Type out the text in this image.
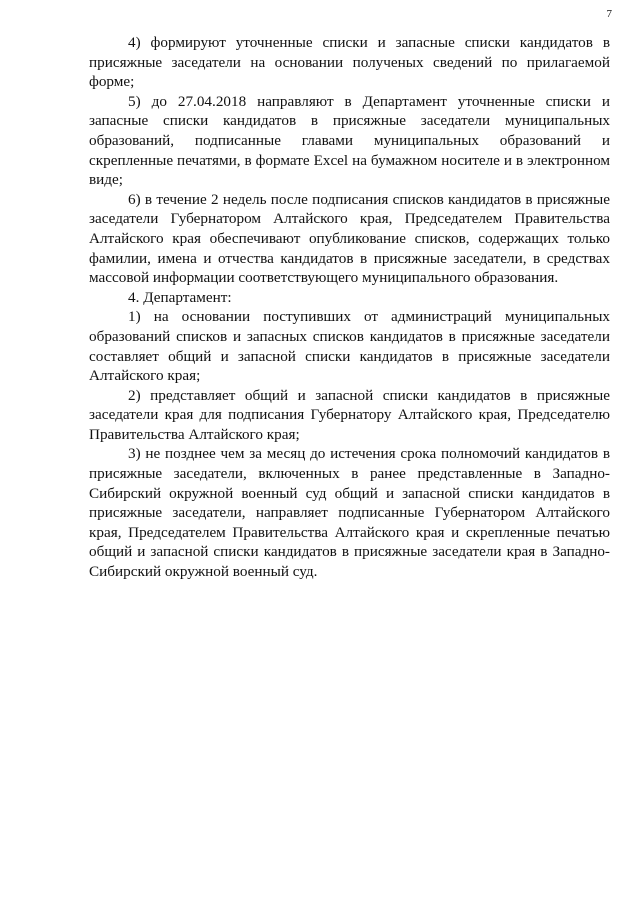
7

4) формируют уточненные списки и запасные списки кандидатов в присяжные заседатели на основании полученых сведений по прилагаемой форме;

5) до 27.04.2018 направляют в Департамент уточненные списки и запасные списки кандидатов в присяжные заседатели муниципальных образований, подписанные главами муниципальных образований и скрепленные печатями, в формате Excel на бумажном носителе и в электронном виде;

6) в течение 2 недель после подписания списков кандидатов в присяжные заседатели Губернатором Алтайского края, Председателем Правительства Алтайского края обеспечивают опубликование списков, содержащих только фамилии, имена и отчества кандидатов в присяжные заседатели, в средствах массовой информации соответствующего муниципального образования.

4. Департамент:

1) на основании поступивших от администраций муниципальных образований списков и запасных списков кандидатов в присяжные заседатели составляет общий и запасной списки кандидатов в присяжные заседатели Алтайского края;

2) представляет общий и запасной списки кандидатов в присяжные заседатели края для подписания Губернатору Алтайского края, Председателю Правительства Алтайского края;

3) не позднее чем за месяц до истечения срока полномочий кандидатов в присяжные заседатели, включенных в ранее представленные в Западно-Сибирский окружной военный суд общий и запасной списки кандидатов в присяжные заседатели, направляет подписанные Губернатором Алтайского края, Председателем Правительства Алтайского края и скрепленные печатью общий и запасной списки кандидатов в присяжные заседатели края в Западно-Сибирский окружной военный суд.
